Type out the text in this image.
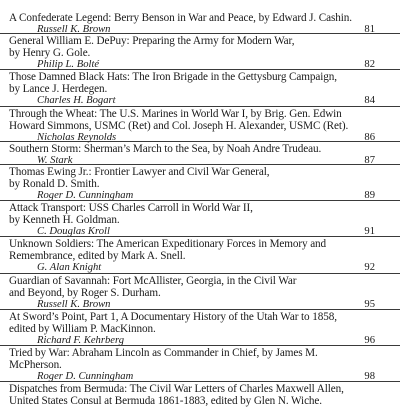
A Confederate Legend: Berry Benson in War and Peace, by Edward J. Cashin.
Russell K. Brown	81
General William E. DePuy: Preparing the Army for Modern War,
by Henry G. Gole.
Philip L. Bolté	82
Those Damned Black Hats: The Iron Brigade in the Gettysburg Campaign,
by Lance J. Herdegen.
Charles H. Bogart	84
Through the Wheat: The U.S. Marines in World War I, by Brig. Gen. Edwin
Howard Simmons, USMC (Ret) and Col. Joseph H. Alexander, USMC (Ret).
Nicholas Reynolds	86
Southern Storm: Sherman’s March to the Sea, by Noah Andre Trudeau.
W. Stark	87
Thomas Ewing Jr.: Frontier Lawyer and Civil War General,
by Ronald D. Smith.
Roger D. Cunningham	89
Attack Transport: USS Charles Carroll in World War II,
by Kenneth H. Goldman.
C. Douglas Kroll	91
Unknown Soldiers: The American Expeditionary Forces in Memory and
Remembrance, edited by Mark A. Snell.
G. Alan Knight	92
Guardian of Savannah: Fort McAllister, Georgia, in the Civil War
and Beyond, by Roger S. Durham.
Russell K. Brown	95
At Sword’s Point, Part 1, A Documentary History of the Utah War to 1858,
edited by William P. MacKinnon.
Richard F. Kehrberg	96
Tried by War: Abraham Lincoln as Commander in Chief, by James M.
McPherson.
Roger D. Cunningham	98
Dispatches from Bermuda: The Civil War Letters of Charles Maxwell Allen,
United States Consul at Bermuda 1861-1883, edited by Glen N. Wiche.
